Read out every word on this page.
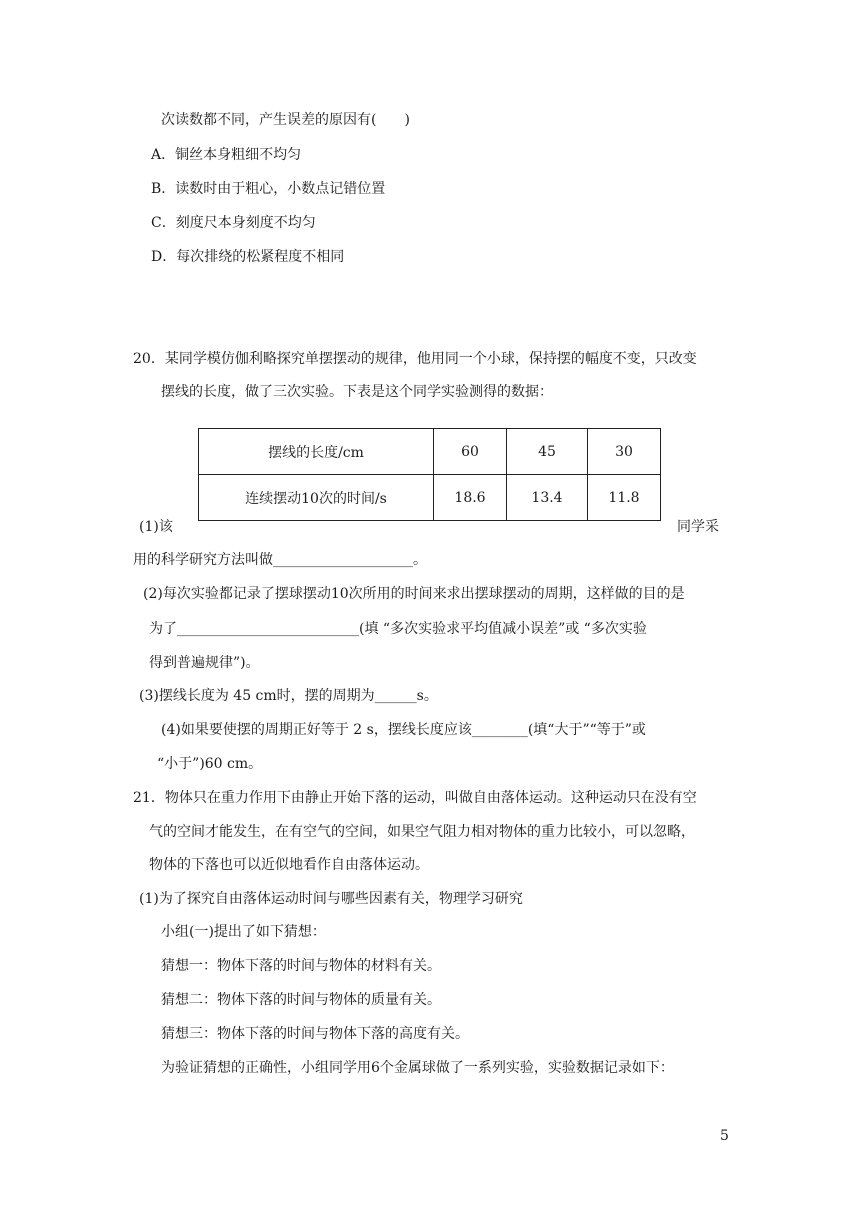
次读数都不同，产生误差的原因有(　　)
A．铜丝本身粗细不均匀
B．读数时由于粗心，小数点记错位置
C．刻度尺本身刻度不均匀
D．每次排绕的松紧程度不相同
20．某同学模仿伽利略探究单摆摆动的规律，他用同一个小球，保持摆的幅度不变，只改变
摆线的长度，做了三次实验。下表是这个同学实验测得的数据：
摆线的长度/cm	60	45	30
连续摆动10次的时间/s	18.6	13.4	11.8
(1)该	同学采
用的科学研究方法叫做____________________。
(2)每次实验都记录了摆球摆动10次所用的时间来求出摆球摆动的周期，这样做的目的是
为了__________________________(填 “多次实验求平均值减小误差”或 “多次实验
得到普遍规律”)。
(3)摆线长度为 45 cm时，摆的周期为______s。
(4)如果要使摆的周期正好等于 2 s，摆线长度应该________(填“大于”“等于”或
“小于”)60 cm。
21．物体只在重力作用下由静止开始下落的运动，叫做自由落体运动。这种运动只在没有空
气的空间才能发生，在有空气的空间，如果空气阻力相对物体的重力比较小，可以忽略，
物体的下落也可以近似地看作自由落体运动。
(1)为了探究自由落体运动时间与哪些因素有关，物理学习研究
小组(一)提出了如下猜想：
猜想一：物体下落的时间与物体的材料有关。
猜想二：物体下落的时间与物体的质量有关。
猜想三：物体下落的时间与物体下落的高度有关。
为验证猜想的正确性，小组同学用6个金属球做了一系列实验，实验数据记录如下：
5
